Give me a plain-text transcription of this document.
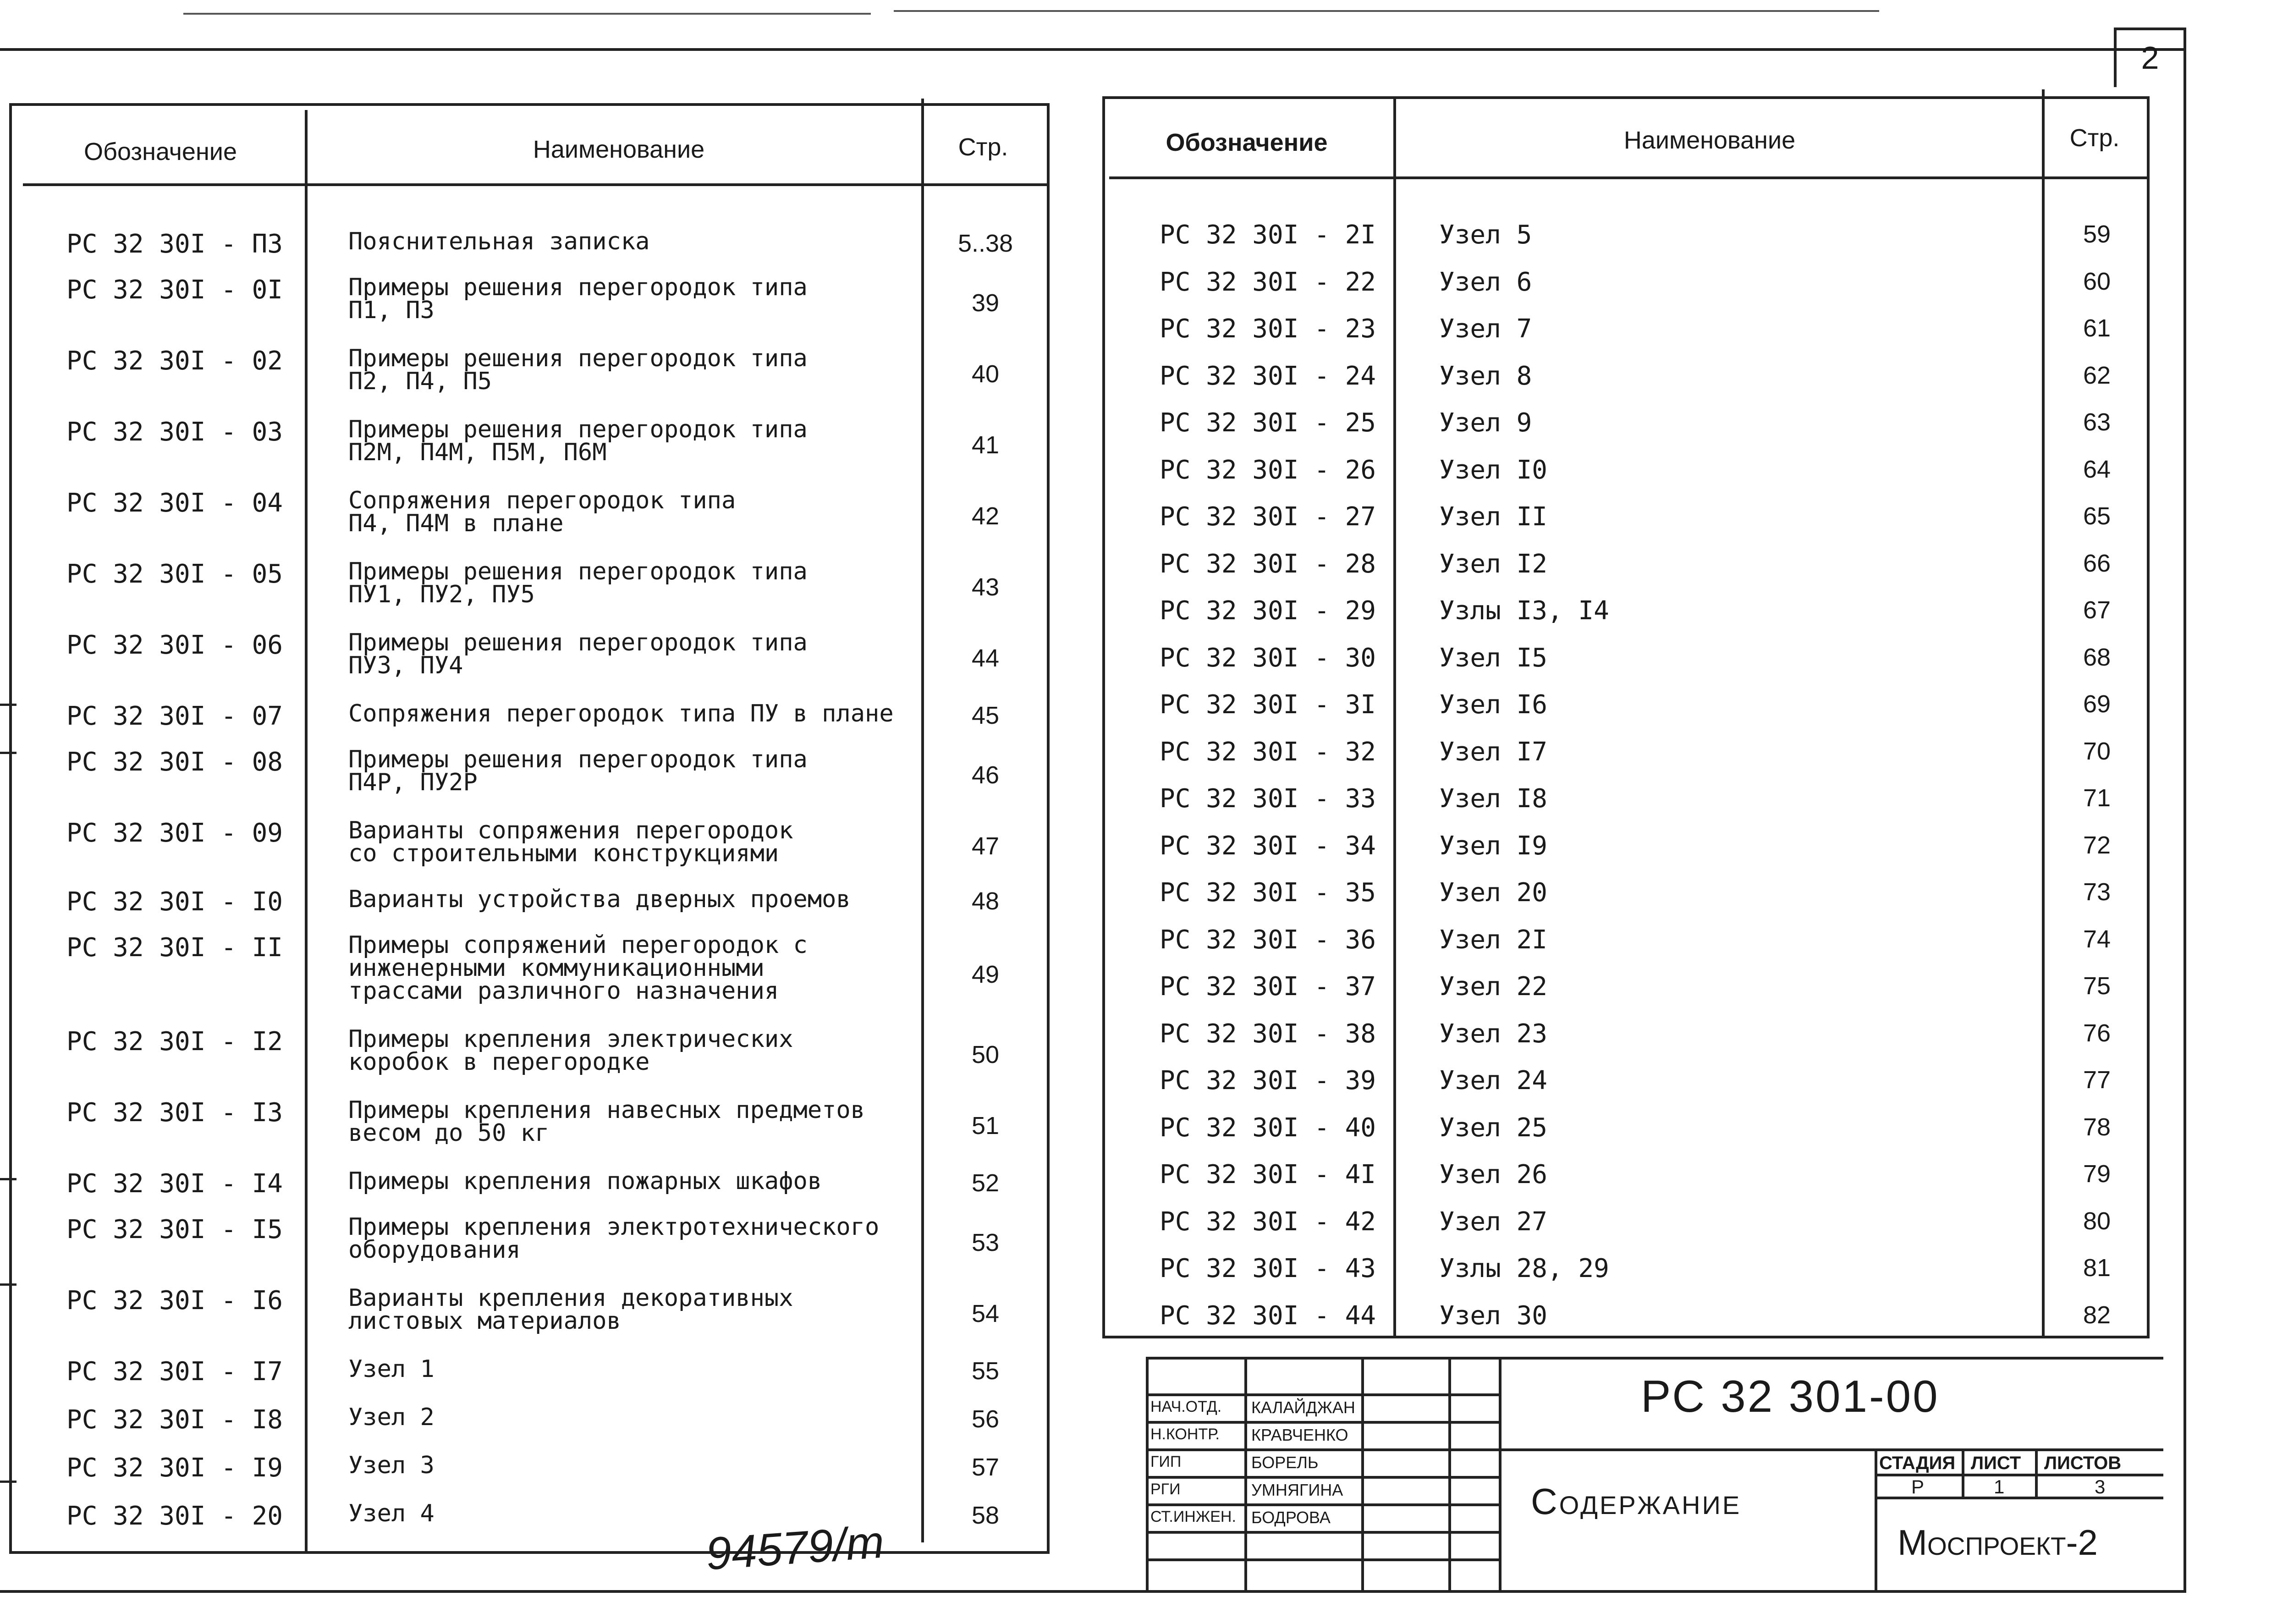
2
Обозначение	Наименование	Стр.
РС 32 30I - П3	Пояснительная записка	5..38
РС 32 30I - 0I	Примеры решения перегородок типа
П1, П3	39
РС 32 30I - 02	Примеры решения перегородок типа
П2, П4, П5	40
РС 32 30I - 03	Примеры решения перегородок типа
П2М, П4М, П5М, П6М	41
РС 32 30I - 04	Сопряжения перегородок типа
П4, П4М в плане	42
РС 32 30I - 05	Примеры решения перегородок типа
ПУ1, ПУ2, ПУ5	43
РС 32 30I - 06	Примеры решения перегородок типа
ПУ3, ПУ4	44
РС 32 30I - 07	Сопряжения перегородок типа ПУ в плане	45
РС 32 30I - 08	Примеры решения перегородок типа
П4Р, ПУ2Р	46
РС 32 30I - 09	Варианты сопряжения перегородок
со строительными конструкциями	47
РС 32 30I - I0	Варианты устройства дверных проемов	48
РС 32 30I - II	Примеры сопряжений перегородок с
инженерными коммуникационными
трассами различного назначения
49
РС 32 30I - I2	Примеры крепления электрических
коробок в перегородке	50
РС 32 30I - I3	Примеры крепления навесных предметов
весом до 50 кг	51
РС 32 30I - I4	Примеры крепления пожарных шкафов	52
РС 32 30I - I5	Примеры крепления электротехнического
оборудования	53
РС 32 30I - I6	Варианты крепления декоративных
листовых материалов	54
РС 32 30I - I7	Узел 1	55
РС 32 30I - I8	Узел 2	56
РС 32 30I - I9	Узел 3	57
РС 32 30I - 20	Узел 4	58
94579/т
Обозначение	Наименование	Стр.
РС 32 30I - 2I Узел 5	59
РС 32 30I - 22 Узел 6	60
РС 32 30I - 23 Узел 7	61
РС 32 30I - 24 Узел 8	62
РС 32 30I - 25 Узел 9	63
РС 32 30I - 26 Узел I0	64
РС 32 30I - 27 Узел II	65
РС 32 30I - 28 Узел I2	66
РС 32 30I - 29 Узлы I3, I4	67
РС 32 30I - 30 Узел I5	68
РС 32 30I - 3I Узел I6	69
РС 32 30I - 32 Узел I7	70
РС 32 30I - 33 Узел I8	71
РС 32 30I - 34 Узел I9	72
РС 32 30I - 35 Узел 20	73
РС 32 30I - 36 Узел 2I	74
РС 32 30I - 37 Узел 22	75
РС 32 30I - 38 Узел 23	76
РС 32 30I - 39 Узел 24	77
РС 32 30I - 40 Узел 25	78
РС 32 30I - 4I Узел 26	79
РС 32 30I - 42 Узел 27	80
РС 32 30I - 43 Узлы 28, 29	81
РС 32 30I - 44 Узел 30	82
НАЧ.ОТД. КАЛАЙДЖАН
Н.КОНТР. КРАВЧЕНКО
ГИП	БОРЕЛЬ
РГИ	УМНЯГИНА
СТ.ИНЖЕН. БОДРОВА
РС 32 301-00
Содержание
СТАДИЯ ЛИСТ ЛИСТОВ
Р	1	3
Моспроект-2
